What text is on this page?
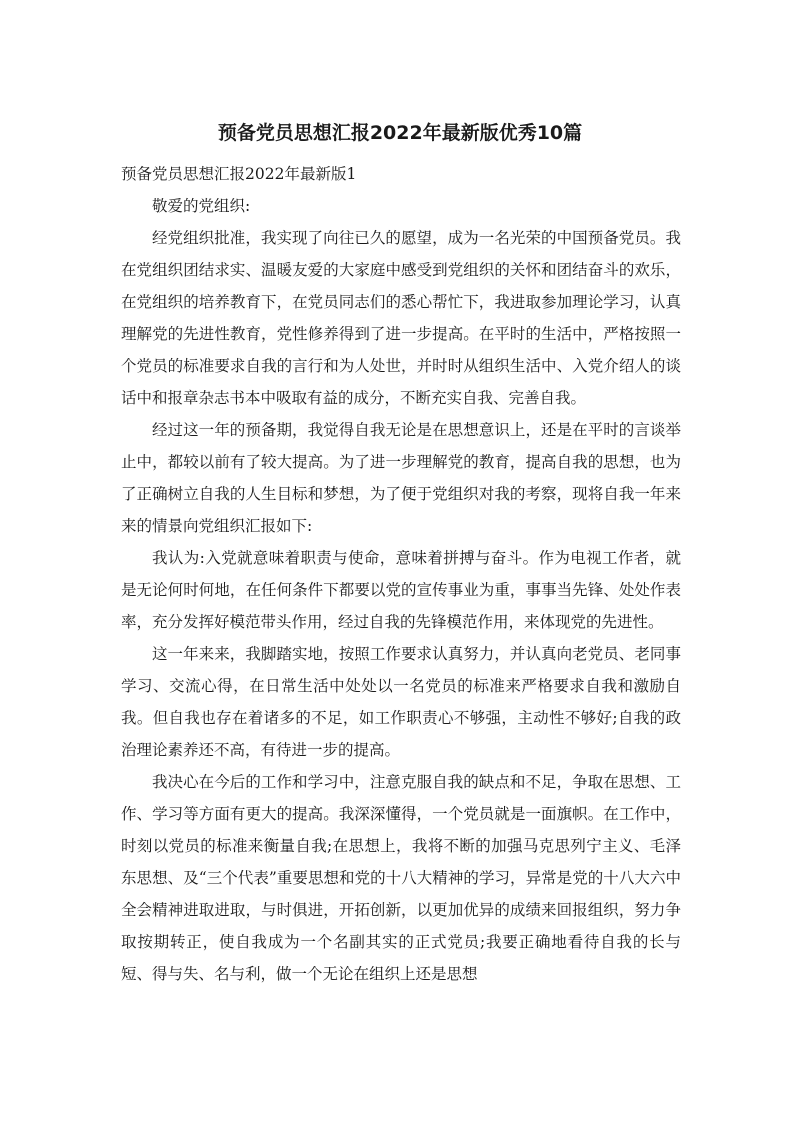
预备党员思想汇报2022年最新版优秀10篇

预备党员思想汇报2022年最新版1

敬爱的党组织:

经党组织批准，我实现了向往已久的愿望，成为一名光荣的中国预备党员。我在党组织团结求实、温暖友爱的大家庭中感受到党组织的关怀和团结奋斗的欢乐，在党组织的培养教育下，在党员同志们的悉心帮忙下，我进取参加理论学习，认真理解党的先进性教育，党性修养得到了进一步提高。在平时的生活中，严格按照一个党员的标准要求自我的言行和为人处世，并时时从组织生活中、入党介绍人的谈话中和报章杂志书本中吸取有益的成分，不断充实自我、完善自我。

经过这一年的预备期，我觉得自我无论是在思想意识上，还是在平时的言谈举止中，都较以前有了较大提高。为了进一步理解党的教育，提高自我的思想，也为了正确树立自我的人生目标和梦想，为了便于党组织对我的考察，现将自我一年来来的情景向党组织汇报如下:

我认为:入党就意味着职责与使命，意味着拼搏与奋斗。作为电视工作者，就是无论何时何地，在任何条件下都要以党的宣传事业为重，事事当先锋、处处作表率，充分发挥好模范带头作用，经过自我的先锋模范作用，来体现党的先进性。

这一年来来，我脚踏实地，按照工作要求认真努力，并认真向老党员、老同事学习、交流心得，在日常生活中处处以一名党员的标准来严格要求自我和激励自我。但自我也存在着诸多的不足，如工作职责心不够强，主动性不够好;自我的政治理论素养还不高，有待进一步的提高。

我决心在今后的工作和学习中，注意克服自我的缺点和不足，争取在思想、工作、学习等方面有更大的提高。我深深懂得，一个党员就是一面旗帜。在工作中，时刻以党员的标准来衡量自我;在思想上，我将不断的加强马克思列宁主义、毛泽东思想、及“三个代表”重要思想和党的十八大精神的学习，异常是党的十八大六中全会精神进取进取，与时俱进，开拓创新，以更加优异的成绩来回报组织，努力争取按期转正，使自我成为一个名副其实的正式党员;我要正确地看待自我的长与短、得与失、名与利，做一个无论在组织上还是思想
